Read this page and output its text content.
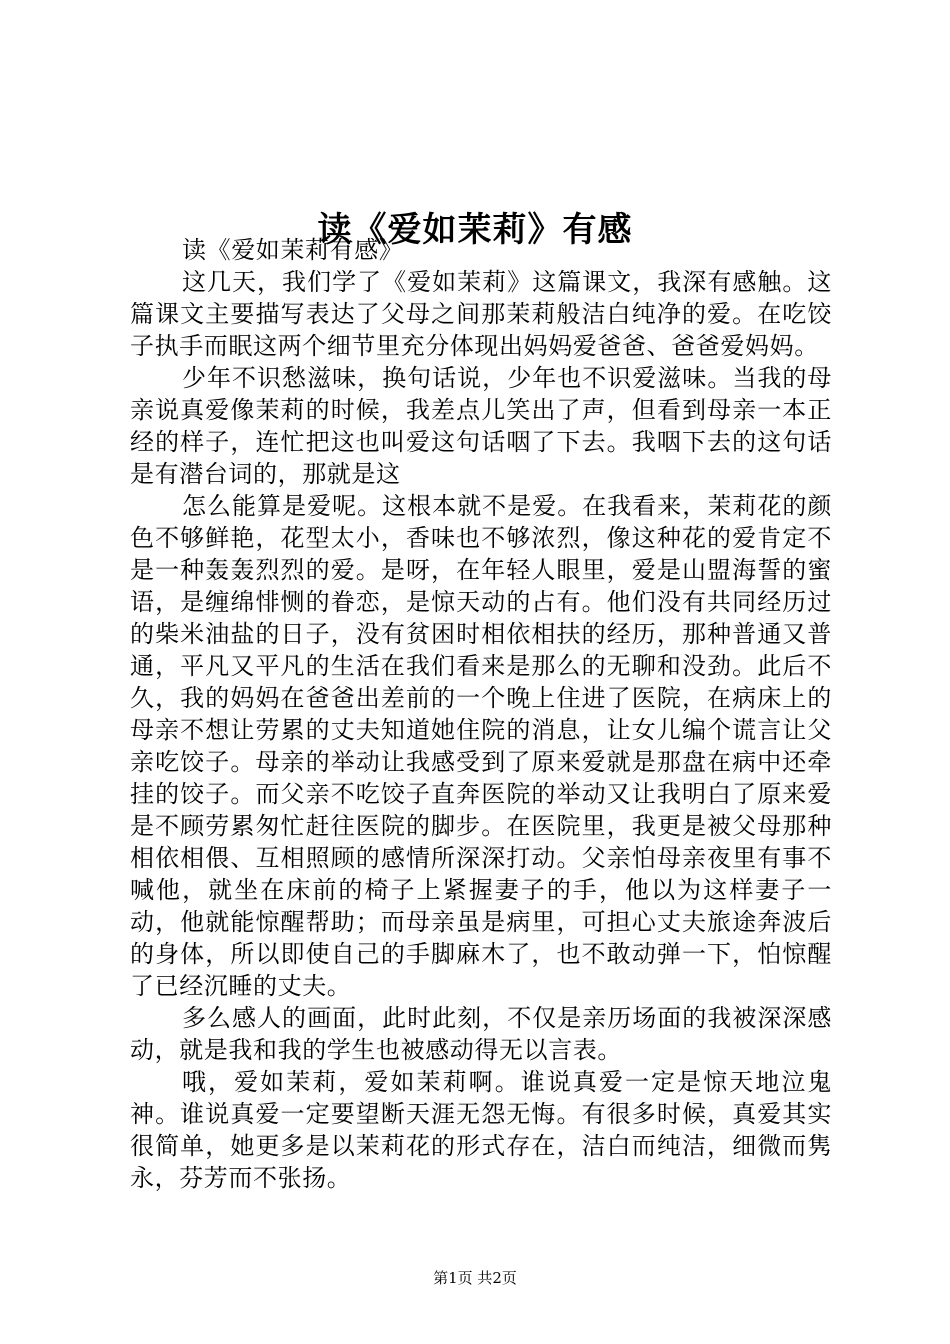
读《爱如茉莉》有感

读《爱如茉莉有感》

这几天，我们学了《爱如茉莉》这篇课文，我深有感触。这篇课文主要描写表达了父母之间那茉莉般洁白纯净的爱。在吃饺子执手而眠这两个细节里充分体现出妈妈爱爸爸、爸爸爱妈妈。

少年不识愁滋味，换句话说，少年也不识爱滋味。当我的母亲说真爱像茉莉的时候，我差点儿笑出了声，但看到母亲一本正经的样子，连忙把这也叫爱这句话咽了下去。我咽下去的这句话是有潜台词的，那就是这

怎么能算是爱呢。这根本就不是爱。在我看来，茉莉花的颜色不够鲜艳，花型太小，香味也不够浓烈，像这种花的爱肯定不是一种轰轰烈烈的爱。是呀，在年轻人眼里，爱是山盟海誓的蜜语，是缠绵悱恻的眷恋，是惊天动的占有。他们没有共同经历过的柴米油盐的日子，没有贫困时相依相扶的经历，那种普通又普通，平凡又平凡的生活在我们看来是那么的无聊和没劲。此后不久，我的妈妈在爸爸出差前的一个晚上住进了医院，在病床上的母亲不想让劳累的丈夫知道她住院的消息，让女儿编个谎言让父亲吃饺子。母亲的举动让我感受到了原来爱就是那盘在病中还牵挂的饺子。而父亲不吃饺子直奔医院的举动又让我明白了原来爱是不顾劳累匆忙赶往医院的脚步。在医院里，我更是被父母那种相依相偎、互相照顾的感情所深深打动。父亲怕母亲夜里有事不喊他，就坐在床前的椅子上紧握妻子的手，他以为这样妻子一动，他就能惊醒帮助；而母亲虽是病里，可担心丈夫旅途奔波后的身体，所以即使自己的手脚麻木了，也不敢动弹一下，怕惊醒了已经沉睡的丈夫。

多么感人的画面，此时此刻，不仅是亲历场面的我被深深感动，就是我和我的学生也被感动得无以言表。

哦，爱如茉莉，爱如茉莉啊。谁说真爱一定是惊天地泣鬼神。谁说真爱一定要望断天涯无怨无悔。有很多时候，真爱其实很简单，她更多是以茉莉花的形式存在，洁白而纯洁，细微而隽永，芬芳而不张扬。

第1页 共2页
